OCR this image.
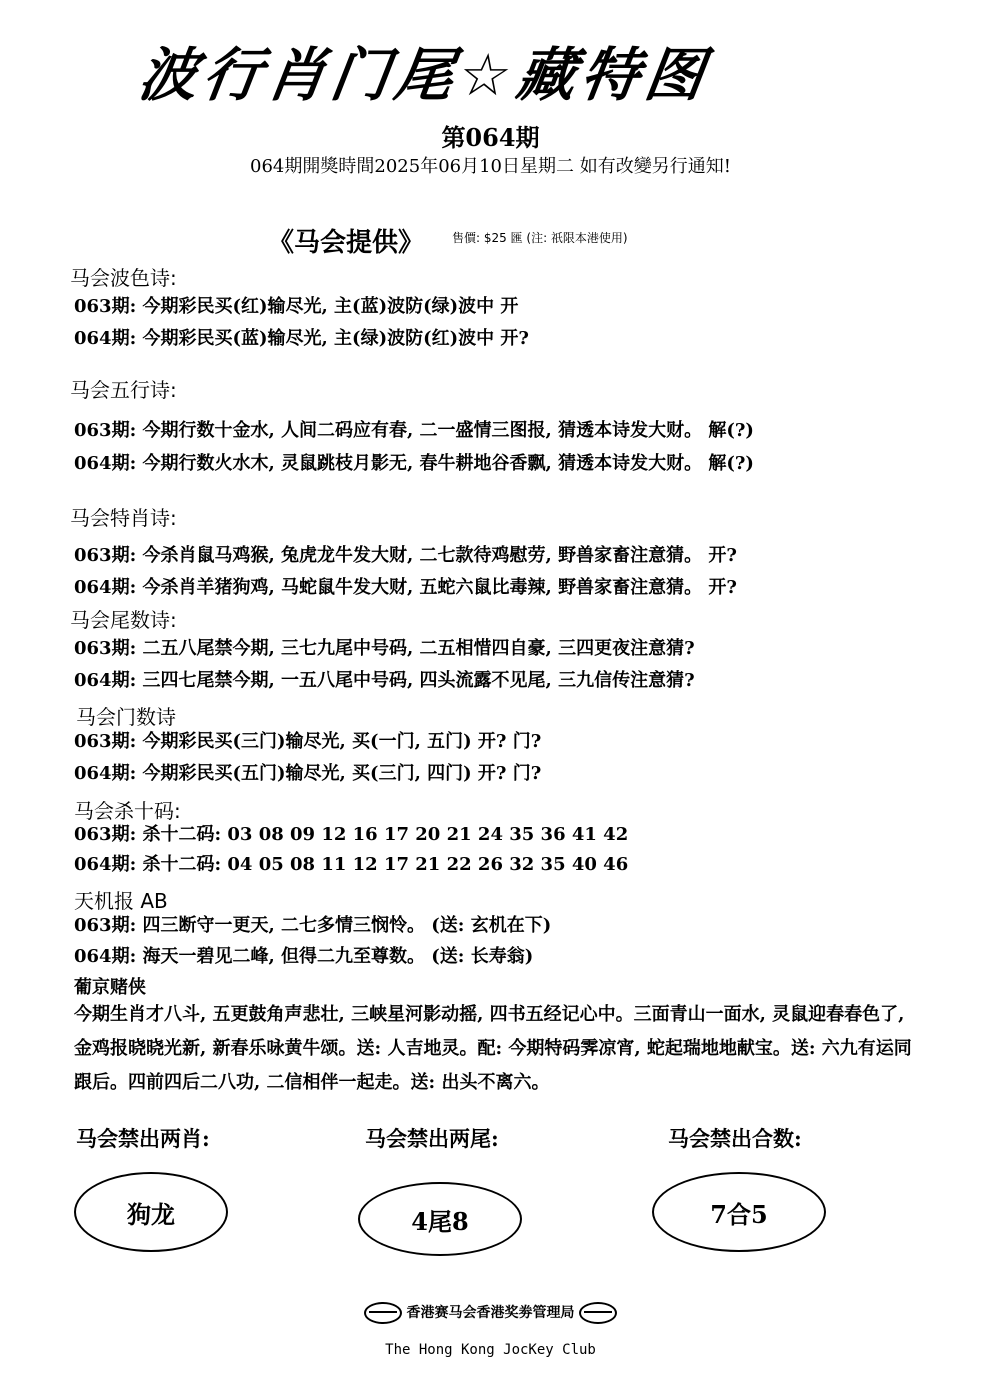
波行肖门尾☆藏特图
第064期
064期開獎時間2025年06月10日星期二 如有改變另行通知!
《马会提供》 售價: $25 匯 (注: 祇限本港使用)
马会波色诗:
063期: 今期彩民买(红)输尽光, 主(蓝)波防(绿)波中 开
064期: 今期彩民买(蓝)输尽光, 主(绿)波防(红)波中 开?
马会五行诗:
063期: 今期行数十金水, 人间二码应有春, 二一盛情三图报, 猜透本诗发大财。 解(?)
064期: 今期行数火水木, 灵鼠跳枝月影无, 春牛耕地谷香飘, 猜透本诗发大财。 解(?)
马会特肖诗:
063期: 今杀肖鼠马鸡猴, 兔虎龙牛发大财, 二七款待鸡慰劳, 野兽家畜注意猜。 开?
064期: 今杀肖羊猪狗鸡, 马蛇鼠牛发大财, 五蛇六鼠比毒辣, 野兽家畜注意猜。 开?
马会尾数诗:
063期: 二五八尾禁今期, 三七九尾中号码, 二五相惜四自豪, 三四更夜注意猜?
064期: 三四七尾禁今期, 一五八尾中号码, 四头流露不见尾, 三九信传注意猜?
马会门数诗
063期: 今期彩民买(三门)输尽光, 买(一门, 五门) 开? 门?
064期: 今期彩民买(五门)输尽光, 买(三门, 四门) 开? 门?
马会杀十码:
063期: 杀十二码: 03 08 09 12 16 17 20 21 24 35 36 41 42
064期: 杀十二码: 04 05 08 11 12 17 21 22 26 32 35 40 46
天机报 AB
063期: 四三断守一更天, 二七多情三悯怜。 (送: 玄机在下)
064期: 海天一碧见二峰, 但得二九至尊数。 (送: 长寿翁)
葡京赌侠
今期生肖才八斗, 五更鼓角声悲壮, 三峡星河影动摇, 四书五经记心中。三面青山一面水, 灵鼠迎春春色了, 金鸡报晓晓光新, 新春乐咏黄牛颂。送: 人吉地灵。配: 今期特码霁凉宵, 蛇起瑞地地献宝。送: 六九有运同跟后。四前四后二八功, 二信相伴一起走。送: 出头不离六。
马会禁出两肖:	马会禁出两尾:	马会禁出合数:
狗龙	4尾8	7合5
香港赛马会香港奖劵管理局
The Hong Kong JocKey Club
